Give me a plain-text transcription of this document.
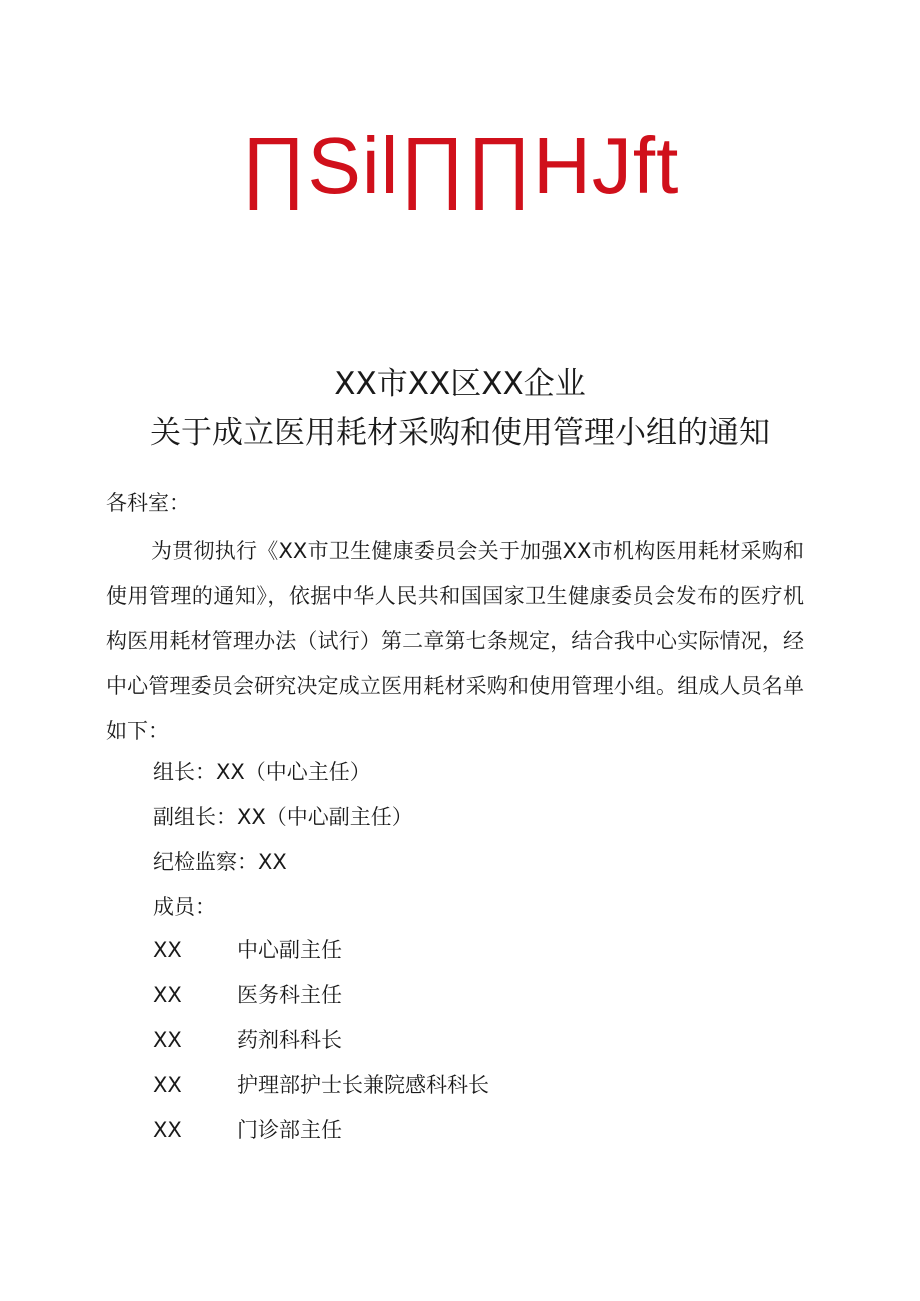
∏Sil∏∏HJft
XX市XX区XX企业
关于成立医用耗材采购和使用管理小组的通知
各科室：

为贯彻执行《XX市卫生健康委员会关于加强XX市机构医用耗材采购和使用管理的通知》，依据中华人民共和国国家卫生健康委员会发布的医疗机构医用耗材管理办法（试行）第二章第七条规定，结合我中心实际情况，经中心管理委员会研究决定成立医用耗材采购和使用管理小组。组成人员名单如下：

组长：XX（中心主任）
副组长：XX（中心副主任）
纪检监察：XX
成员：
XX	中心副主任
XX	医务科主任
XX	药剂科科长
XX	护理部护士长兼院感科科长
XX	门诊部主任
